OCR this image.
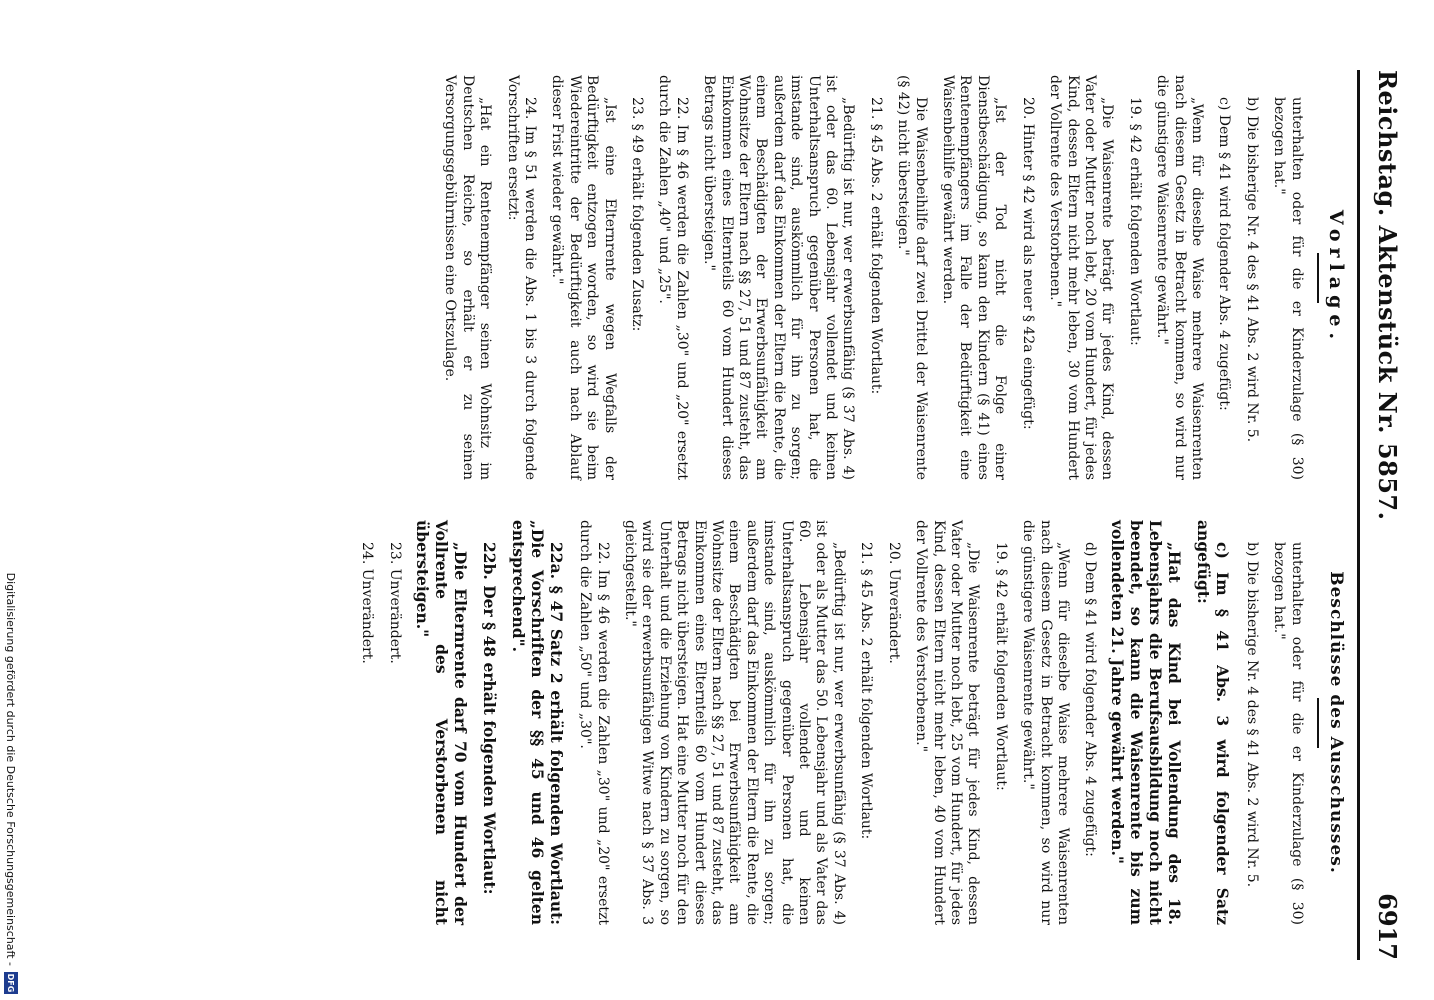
Reichstag. Aktenstück Nr. 5857.
6917
Vorlage.

unterhalten oder für die er Kinderzulage (§ 30) bezogen hat."

b) Die bisherige Nr. 4 des § 41 Abs. 2 wird Nr. 5.

c) Dem § 41 wird folgender Abs. 4 zugefügt:

„Wenn für dieselbe Waise mehrere Waisenrenten nach diesem Gesetz in Betracht kommen, so wird nur die günstigere Waisenrente gewährt."

19. § 42 erhält folgenden Wortlaut:

„Die Waisenrente beträgt für jedes Kind, dessen Vater oder Mutter noch lebt, 20 vom Hundert, für jedes Kind, dessen Eltern nicht mehr leben, 30 vom Hundert der Vollrente des Verstorbenen."

20. Hinter § 42 wird als neuer § 42a eingefügt:

„Ist der Tod nicht die Folge einer Dienstbeschädigung, so kann den Kindern (§ 41) eines Rentenempfängers im Falle der Bedürftigkeit eine Waisenbeihilfe gewährt werden.

Die Waisenbeihilfe darf zwei Drittel der Waisenrente (§ 42) nicht übersteigen."

21. § 45 Abs. 2 erhält folgenden Wortlaut:

„Bedürftig ist nur, wer erwerbsunfähig (§ 37 Abs. 4) ist oder das 60. Lebensjahr vollendet und keinen Unterhaltsanspruch gegenüber Personen hat, die imstande sind, auskömmlich für ihn zu sorgen; außerdem darf das Einkommen der Eltern die Rente, die einem Beschädigten der Erwerbsunfähigkeit am Wohnsitze der Eltern nach §§ 27, 51 und 87 zusteht, das Einkommen eines Elternteils 60 vom Hundert dieses Betrags nicht übersteigen."

22. Im § 46 werden die Zahlen „30" und „20" ersetzt durch die Zahlen „40" und „25".

23. § 49 erhält folgenden Zusatz:

„Ist eine Elternrente wegen Wegfalls der Bedürftigkeit entzogen worden, so wird sie beim Wiedereintritte der Bedürftigkeit auch nach Ablauf dieser Frist wieder gewährt."

24. Im § 51 werden die Abs. 1 bis 3 durch folgende Vorschriften ersetzt:

„Hat ein Rentenempfänger seinen Wohnsitz im Deutschen Reiche, so erhält er zu seinen Versorgungsgebührnissen eine Ortszulage.

Beschlüsse des Ausschusses.

unterhalten oder für die er Kinderzulage (§ 30) bezogen hat."

b) Die bisherige Nr. 4 des § 41 Abs. 2 wird Nr. 5.

c) Im § 41 Abs. 3 wird folgender Satz angefügt:

„Hat das Kind bei Vollendung des 18. Lebensjahrs die Berufsausbildung noch nicht beendet, so kann die Waisenrente bis zum vollendeten 21. Jahre gewährt werden."

d) Dem § 41 wird folgender Abs. 4 zugefügt:

„Wenn für dieselbe Waise mehrere Waisenrenten nach diesem Gesetz in Betracht kommen, so wird nur die günstigere Waisenrente gewährt."

19. § 42 erhält folgenden Wortlaut:

„Die Waisenrente beträgt für jedes Kind, dessen Vater oder Mutter noch lebt, 25 vom Hundert, für jedes Kind, dessen Eltern nicht mehr leben, 40 vom Hundert der Vollrente des Verstorbenen."

20. Unverändert.

21. § 45 Abs. 2 erhält folgenden Wortlaut:

„Bedürftig ist nur, wer erwerbsunfähig (§ 37 Abs. 4) ist oder als Mutter das 50. Lebensjahr und als Vater das 60. Lebensjahr vollendet und keinen Unterhaltsanspruch gegenüber Personen hat, die imstande sind, auskömmlich für ihn zu sorgen; außerdem darf das Einkommen der Eltern die Rente, die einem Beschädigten bei Erwerbsunfähigkeit am Wohnsitze der Eltern nach §§ 27, 51 und 87 zusteht, das Einkommen eines Elternteils 60 vom Hundert dieses Betrags nicht übersteigen. Hat eine Mutter noch für den Unterhalt und die Erziehung von Kindern zu sorgen, so wird sie der erwerbsunfähigen Witwe nach § 37 Abs. 3 gleichgestellt."

22. Im § 46 werden die Zahlen „30" und „20" ersetzt durch die Zahlen „50" und „30".

22a. § 47 Satz 2 erhält folgenden Wortlaut: „Die Vorschriften der §§ 45 und 46 gelten entsprechend".

22b. Der § 48 erhält folgenden Wortlaut:

„Die Elternrente darf 70 vom Hundert der Vollrente des Verstorbenen nicht übersteigen."

23. Unverändert.

24. Unverändert.

Digitalisierung gefördert durch die Deutsche Forschungsgemeinschaft -
DFG
